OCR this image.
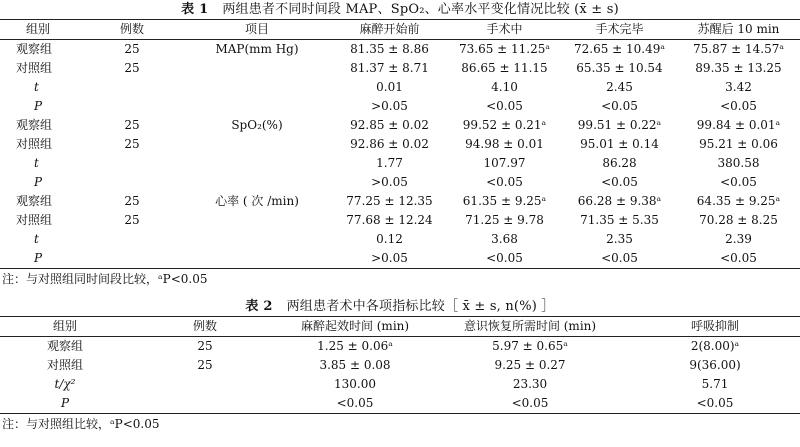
表 1 两组患者不同时间段 MAP、SpO₂、心率水平变化情况比较 (x̄ ± s)
组别	例数	项目	麻醉开始前	手术中	手术完毕	苏醒后 10 min
观察组	25	MAP(mm Hg)	81.35 ± 8.86	73.65 ± 11.25ᵃ	72.65 ± 10.49ᵃ	75.87 ± 14.57ᵃ
对照组	25		81.37 ± 8.71	86.65 ± 11.15	65.35 ± 10.54	89.35 ± 13.25
t			0.01	4.10	2.45	3.42
P			>0.05	<0.05	<0.05	<0.05
观察组	25	SpO₂(%)	92.85 ± 0.02	99.52 ± 0.21ᵃ	99.51 ± 0.22ᵃ	99.84 ± 0.01ᵃ
对照组	25		92.86 ± 0.02	94.98 ± 0.01	95.01 ± 0.14	95.21 ± 0.06
t			1.77	107.97	86.28	380.58
P			>0.05	<0.05	<0.05	<0.05
观察组	25	心率 ( 次 /min)	77.25 ± 12.35	61.35 ± 9.25ᵃ	66.28 ± 9.38ᵃ	64.35 ± 9.25ᵃ
对照组	25		77.68 ± 12.24	71.25 ± 9.78	71.35 ± 5.35	70.28 ± 8.25
t			0.12	3.68	2.35	2.39
P			>0.05	<0.05	<0.05	<0.05
注：与对照组同时间段比较，ᵃP<0.05
表 2 两组患者术中各项指标比较［ x̄ ± s, n(%) ］
组别	例数	麻醉起效时间 (min)	意识恢复所需时间 (min)	呼吸抑制
观察组	25	1.25 ± 0.06ᵃ	5.97 ± 0.65ᵃ	2(8.00)ᵃ
对照组	25	3.85 ± 0.08	9.25 ± 0.27	9(36.00)
t/χ²		130.00	23.30	5.71
P		<0.05	<0.05	<0.05
注：与对照组比较，ᵃP<0.05
